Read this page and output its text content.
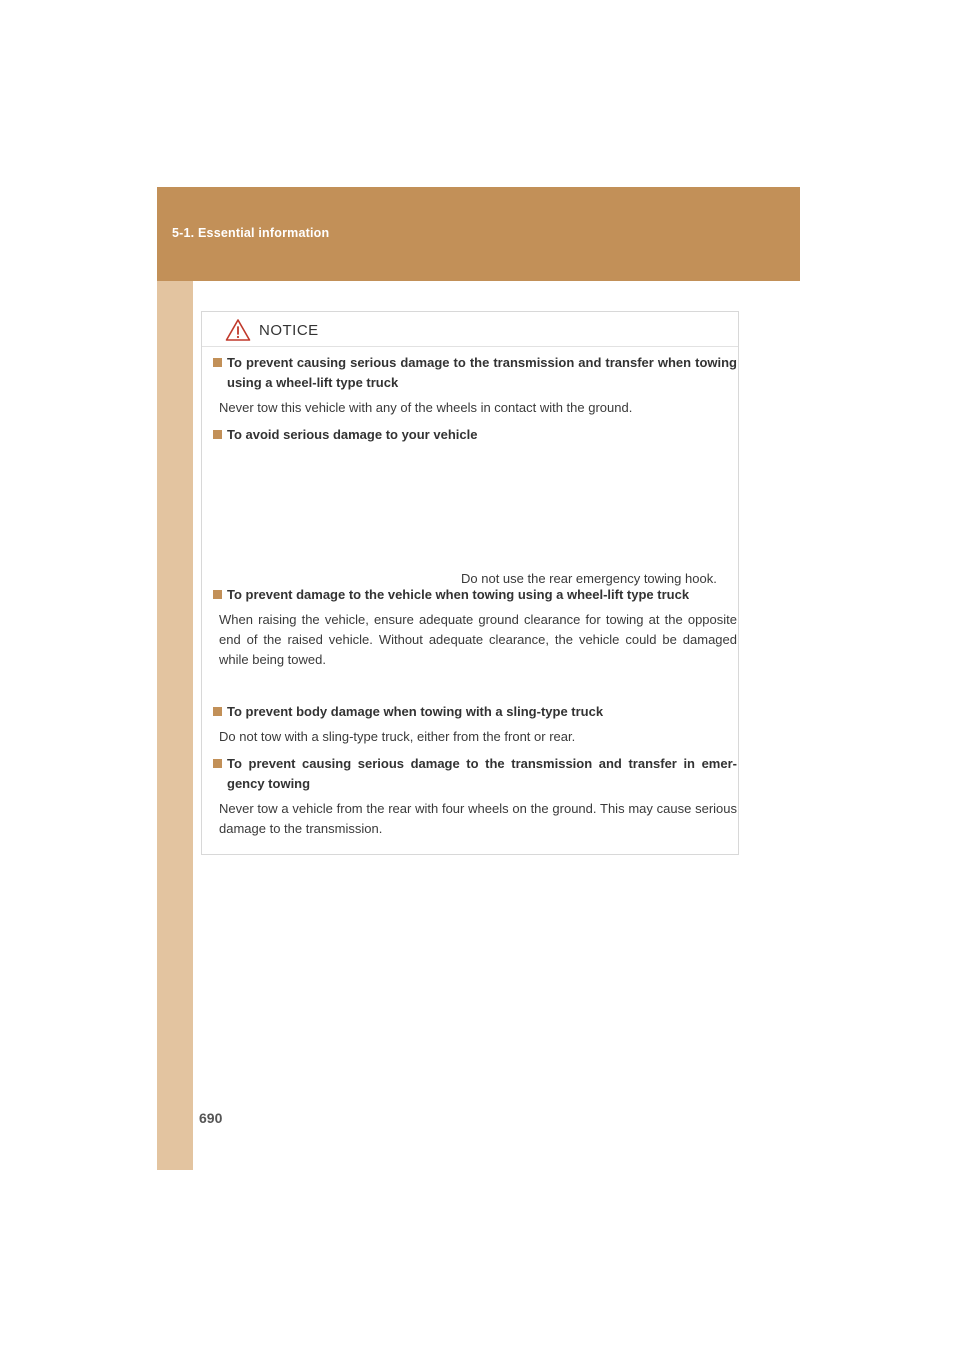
5-1. Essential information
NOTICE
To prevent causing serious damage to the transmission and transfer when towing using a wheel-lift type truck
Never tow this vehicle with any of the wheels in contact with the ground.
To avoid serious damage to your vehicle
Do not use the rear emergency towing hook.
To prevent damage to the vehicle when towing using a wheel-lift type truck
When raising the vehicle, ensure adequate ground clearance for towing at the opposite end of the raised vehicle. Without adequate clearance, the vehicle could be damaged while being towed.
To prevent body damage when towing with a sling-type truck
Do not tow with a sling-type truck, either from the front or rear.
To prevent causing serious damage to the transmission and transfer in emer-gency towing
Never tow a vehicle from the rear with four wheels on the ground. This may cause serious damage to the transmission.
690
